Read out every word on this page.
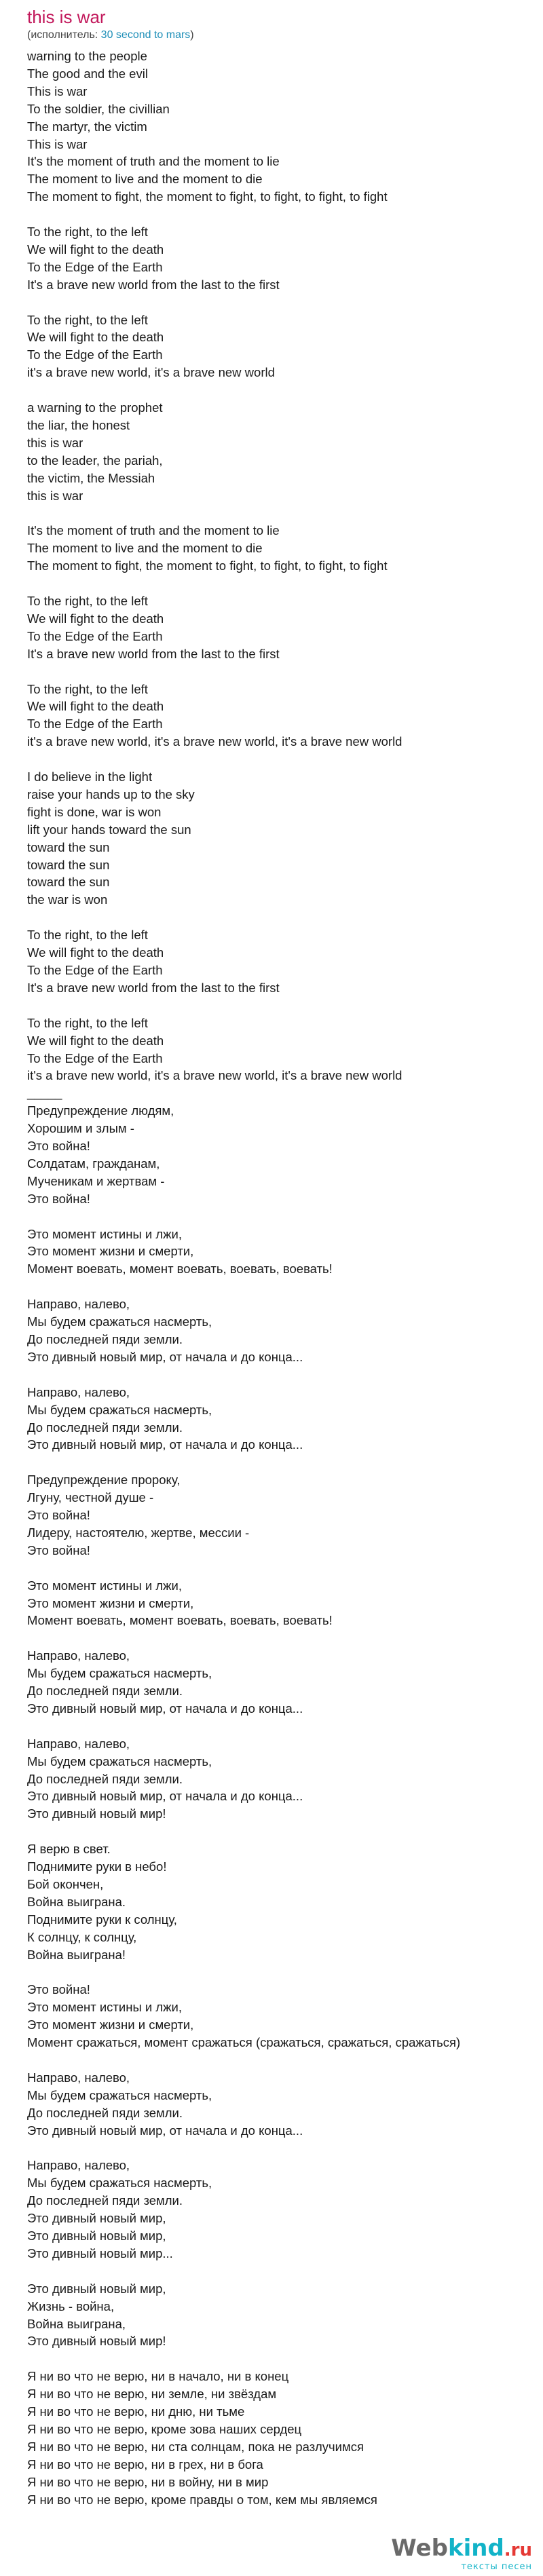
this is war
(исполнитель: 30 second to mars)
warning to the people
The good and the evil
This is war
To the soldier, the civillian
The martyr, the victim
This is war
It's the moment of truth and the moment to lie
The moment to live and the moment to die
The moment to fight, the moment to fight, to fight, to fight, to fight
To the right, to the left
We will fight to the death
To the Edge of the Earth
It's a brave new world from the last to the first
To the right, to the left
We will fight to the death
To the Edge of the Earth
it's a brave new world, it's a brave new world
a warning to the prophet
the liar, the honest
this is war
to the leader, the pariah,
the victim, the Messiah
this is war
It's the moment of truth and the moment to lie
The moment to live and the moment to die
The moment to fight, the moment to fight, to fight, to fight, to fight
To the right, to the left
We will fight to the death
To the Edge of the Earth
It's a brave new world from the last to the first
To the right, to the left
We will fight to the death
To the Edge of the Earth
it's a brave new world, it's a brave new world, it's a brave new world
I do believe in the light
raise your hands up to the sky
fight is done, war is won
lift your hands toward the sun
toward the sun
toward the sun
toward the sun
the war is won
To the right, to the left
We will fight to the death
To the Edge of the Earth
It's a brave new world from the last to the first
To the right, to the left
We will fight to the death
To the Edge of the Earth
it's a brave new world, it's a brave new world, it's a brave new world
_____
Предупреждение людям,
Хорошим и злым -
Это война!
Солдатам, гражданам,
Мученикам и жертвам -
Это война!
Это момент истины и лжи,
Это момент жизни и смерти,
Момент воевать, момент воевать, воевать, воевать!
Направо, налево,
Мы будем сражаться насмерть,
До последней пяди земли.
Это дивный новый мир, от начала и до конца...
Направо, налево,
Мы будем сражаться насмерть,
До последней пяди земли.
Это дивный новый мир, от начала и до конца...
Предупреждение пророку,
Лгуну, честной душе -
Это война!
Лидеру, настоятелю, жертве, мессии -
Это война!
Это момент истины и лжи,
Это момент жизни и смерти,
Момент воевать, момент воевать, воевать, воевать!
Направо, налево,
Мы будем сражаться насмерть,
До последней пяди земли.
Это дивный новый мир, от начала и до конца...
Направо, налево,
Мы будем сражаться насмерть,
До последней пяди земли.
Это дивный новый мир, от начала и до конца...
Это дивный новый мир!
Я верю в свет.
Поднимите руки в небо!
Бой окончен,
Война выиграна.
Поднимите руки к солнцу,
К солнцу, к солнцу,
Война выиграна!
Это война!
Это момент истины и лжи,
Это момент жизни и смерти,
Момент сражаться, момент сражаться (сражаться, сражаться, сражаться)
Направо, налево,
Мы будем сражаться насмерть,
До последней пяди земли.
Это дивный новый мир, от начала и до конца...
Направо, налево,
Мы будем сражаться насмерть,
До последней пяди земли.
Это дивный новый мир,
Это дивный новый мир,
Это дивный новый мир...
Это дивный новый мир,
Жизнь - война,
Война выиграна,
Это дивный новый мир!
Я ни во что не верю, ни в начало, ни в конец
Я ни во что не верю, ни земле, ни звёздам
Я ни во что не верю, ни дню, ни тьме
Я ни во что не верю, кроме зова наших сердец
Я ни во что не верю, ни ста солнцам, пока не разлучимся
Я ни во что не верю, ни в грех, ни в бога
Я ни во что не верю, ни в войну, ни в мир
Я ни во что не верю, кроме правды о том, кем мы являемся
Webkind.ru
тексты песен
